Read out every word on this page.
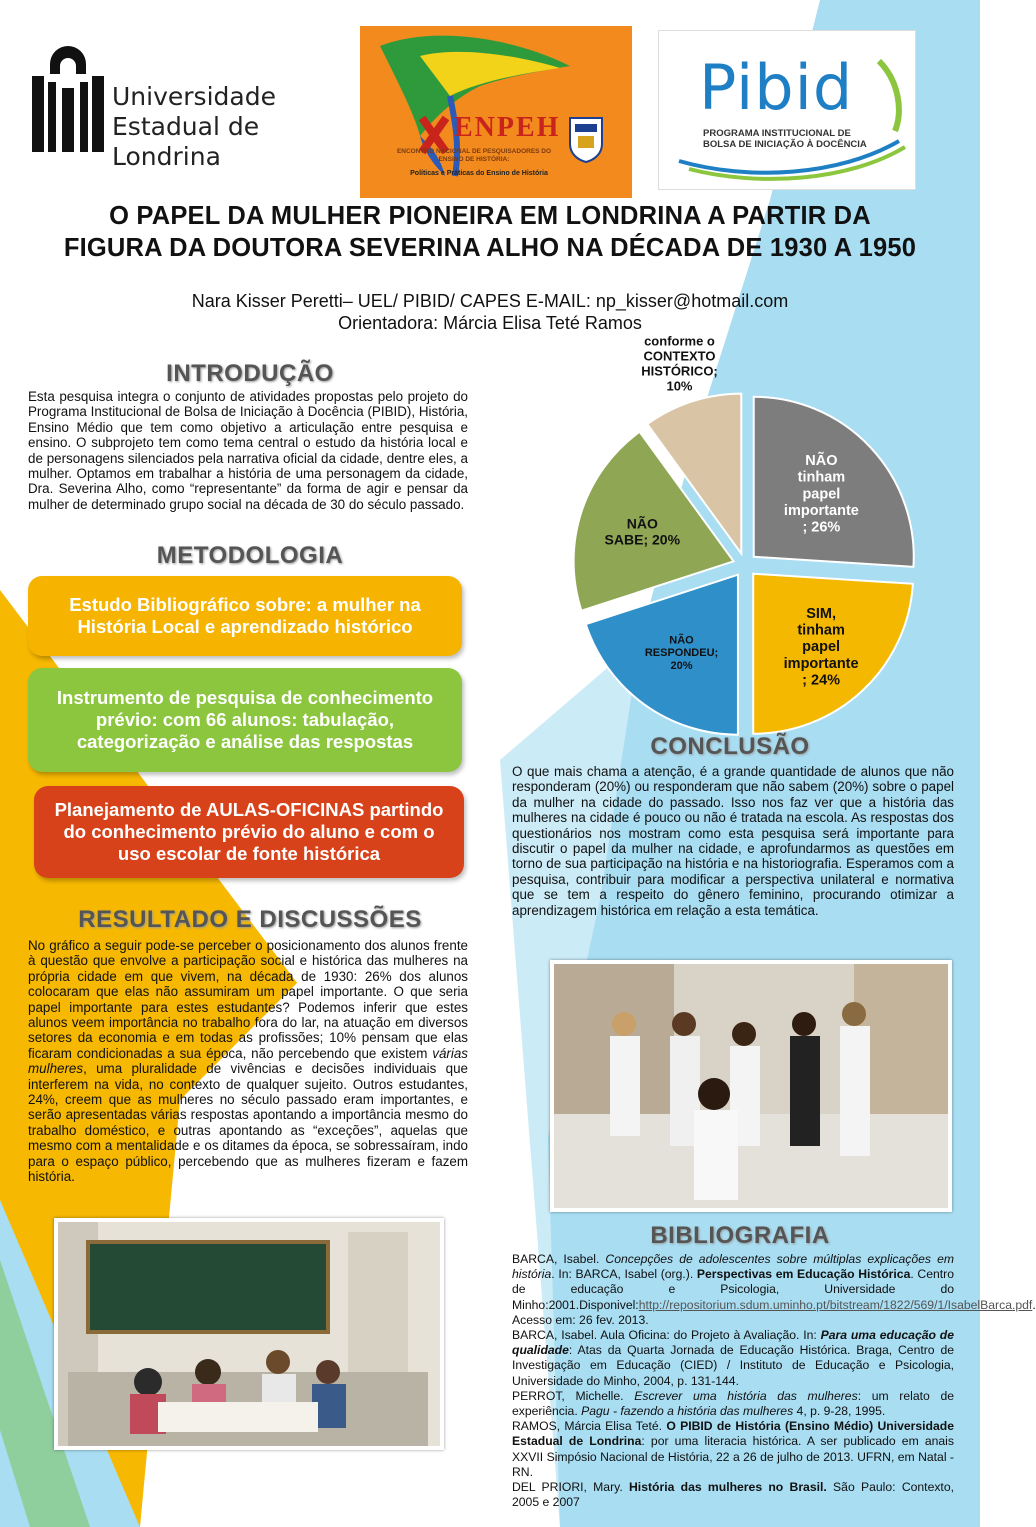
Universidade
Estadual de Londrina
ENPEH
ENCONTRO NACIONAL DE PESQUISADORES DO ENSINO DE HISTÓRIA:
Políticas e Práticas do Ensino de História
Pibid
PROGRAMA INSTITUCIONAL DE
BOLSA DE INICIAÇÃO À DOCÊNCIA
O PAPEL DA MULHER PIONEIRA EM LONDRINA A PARTIR DA
FIGURA DA DOUTORA SEVERINA ALHO NA DÉCADA DE 1930 A 1950
Nara Kisser Peretti– UEL/ PIBID/ CAPES E-MAIL: np_kisser@hotmail.com
Orientadora: Márcia Elisa Teté Ramos
INTRODUÇÃO
Esta pesquisa integra o conjunto de atividades propostas pelo projeto do Programa Institucional de Bolsa de Iniciação à Docência (PIBID), História, Ensino Médio que tem como objetivo a articulação entre pesquisa e ensino. O subprojeto tem como tema central o estudo da história local e de personagens silenciados pela narrativa oficial da cidade, dentre eles, a mulher. Optamos em trabalhar a história de uma personagem da cidade, Dra. Severina Alho, como “representante” da forma de agir e pensar da mulher de determinado grupo social na década de 30 do século passado.
METODOLOGIA
Estudo Bibliográfico sobre: a mulher na História Local e aprendizado histórico
Instrumento de pesquisa de conhecimento prévio: com 66 alunos: tabulação, categorização e análise das respostas
Planejamento de AULAS-OFICINAS partindo do conhecimento prévio do aluno e com o uso escolar de fonte histórica
RESULTADO E DISCUSSÕES
No gráfico a seguir pode-se perceber o posicionamento dos alunos frente à questão que envolve a participação social e histórica das mulheres na própria cidade em que vivem, na década de 1930: 26% dos alunos colocaram que elas não assumiram um papel importante. O que seria papel importante para estes estudantes? Podemos inferir que estes alunos veem importância no trabalho fora do lar, na atuação em diversos setores da economia e em todas as profissões; 10% pensam que elas ficaram condicionadas a sua época, não percebendo que existem várias mulheres, uma pluralidade de vivências e decisões individuais que interferem na vida, no contexto de qualquer sujeito. Outros estudantes, 24%, creem que as mulheres no século passado eram importantes, e serão apresentadas várias respostas apontando a importância mesmo do trabalho doméstico, e outras apontando as “exceções”, aquelas que mesmo com a mentalidade e os ditames da época, se sobressaíram, indo para o espaço público, percebendo que as mulheres fizeram e fazem história.
NÃO tinham papel importante ; 26%
SIM, tinham papel importante ; 24%
NÃO RESPONDEU; 20%
NÃO SABE; 20%
conforme o CONTEXTO HISTÓRICO; 10%
CONCLUSÃO
O que mais chama a atenção, é a grande quantidade de alunos que não responderam (20%) ou responderam que não sabem (20%) sobre o papel da mulher na cidade do passado. Isso nos faz ver que a história das mulheres na cidade é pouco ou não é tratada na escola. As respostas dos questionários nos mostram como esta pesquisa será importante para discutir o papel da mulher na cidade, e aprofundarmos as questões em torno de sua participação na história e na historiografia. Esperamos com a pesquisa, contribuir para modificar a perspectiva unilateral e normativa que se tem a respeito do gênero feminino, procurando otimizar a aprendizagem histórica em relação a esta temática.
BIBLIOGRAFIA

BARCA, Isabel. Concepções de adolescentes sobre múltiplas explicações em história. In: BARCA, Isabel (org.). Perspectivas em Educação Histórica. Centro de educação e Psicologia, Universidade do Minho:2001.Disponivel:http://repositorium.sdum.uminho.pt/bitstream/1822/569/1/IsabelBarca.pdf. Acesso em: 26 fev. 2013.

BARCA, Isabel. Aula Oficina: do Projeto à Avaliação. In: Para uma educação de qualidade: Atas da Quarta Jornada de Educação Histórica. Braga, Centro de Investigação em Educação (CIED) / Instituto de Educação e Psicologia, Universidade do Minho, 2004, p. 131-144.

PERROT, Michelle. Escrever uma história das mulheres: um relato de experiência. Pagu - fazendo a história das mulheres 4, p. 9-28, 1995.

RAMOS, Márcia Elisa Teté. O PIBID de História (Ensino Médio) Universidade Estadual de Londrina: por uma literacia histórica. A ser publicado em anais XXVII Simpósio Nacional de História, 22 a 26 de julho de 2013. UFRN, em Natal - RN.

DEL PRIORI, Mary. História das mulheres no Brasil. São Paulo: Contexto, 2005 e 2007
